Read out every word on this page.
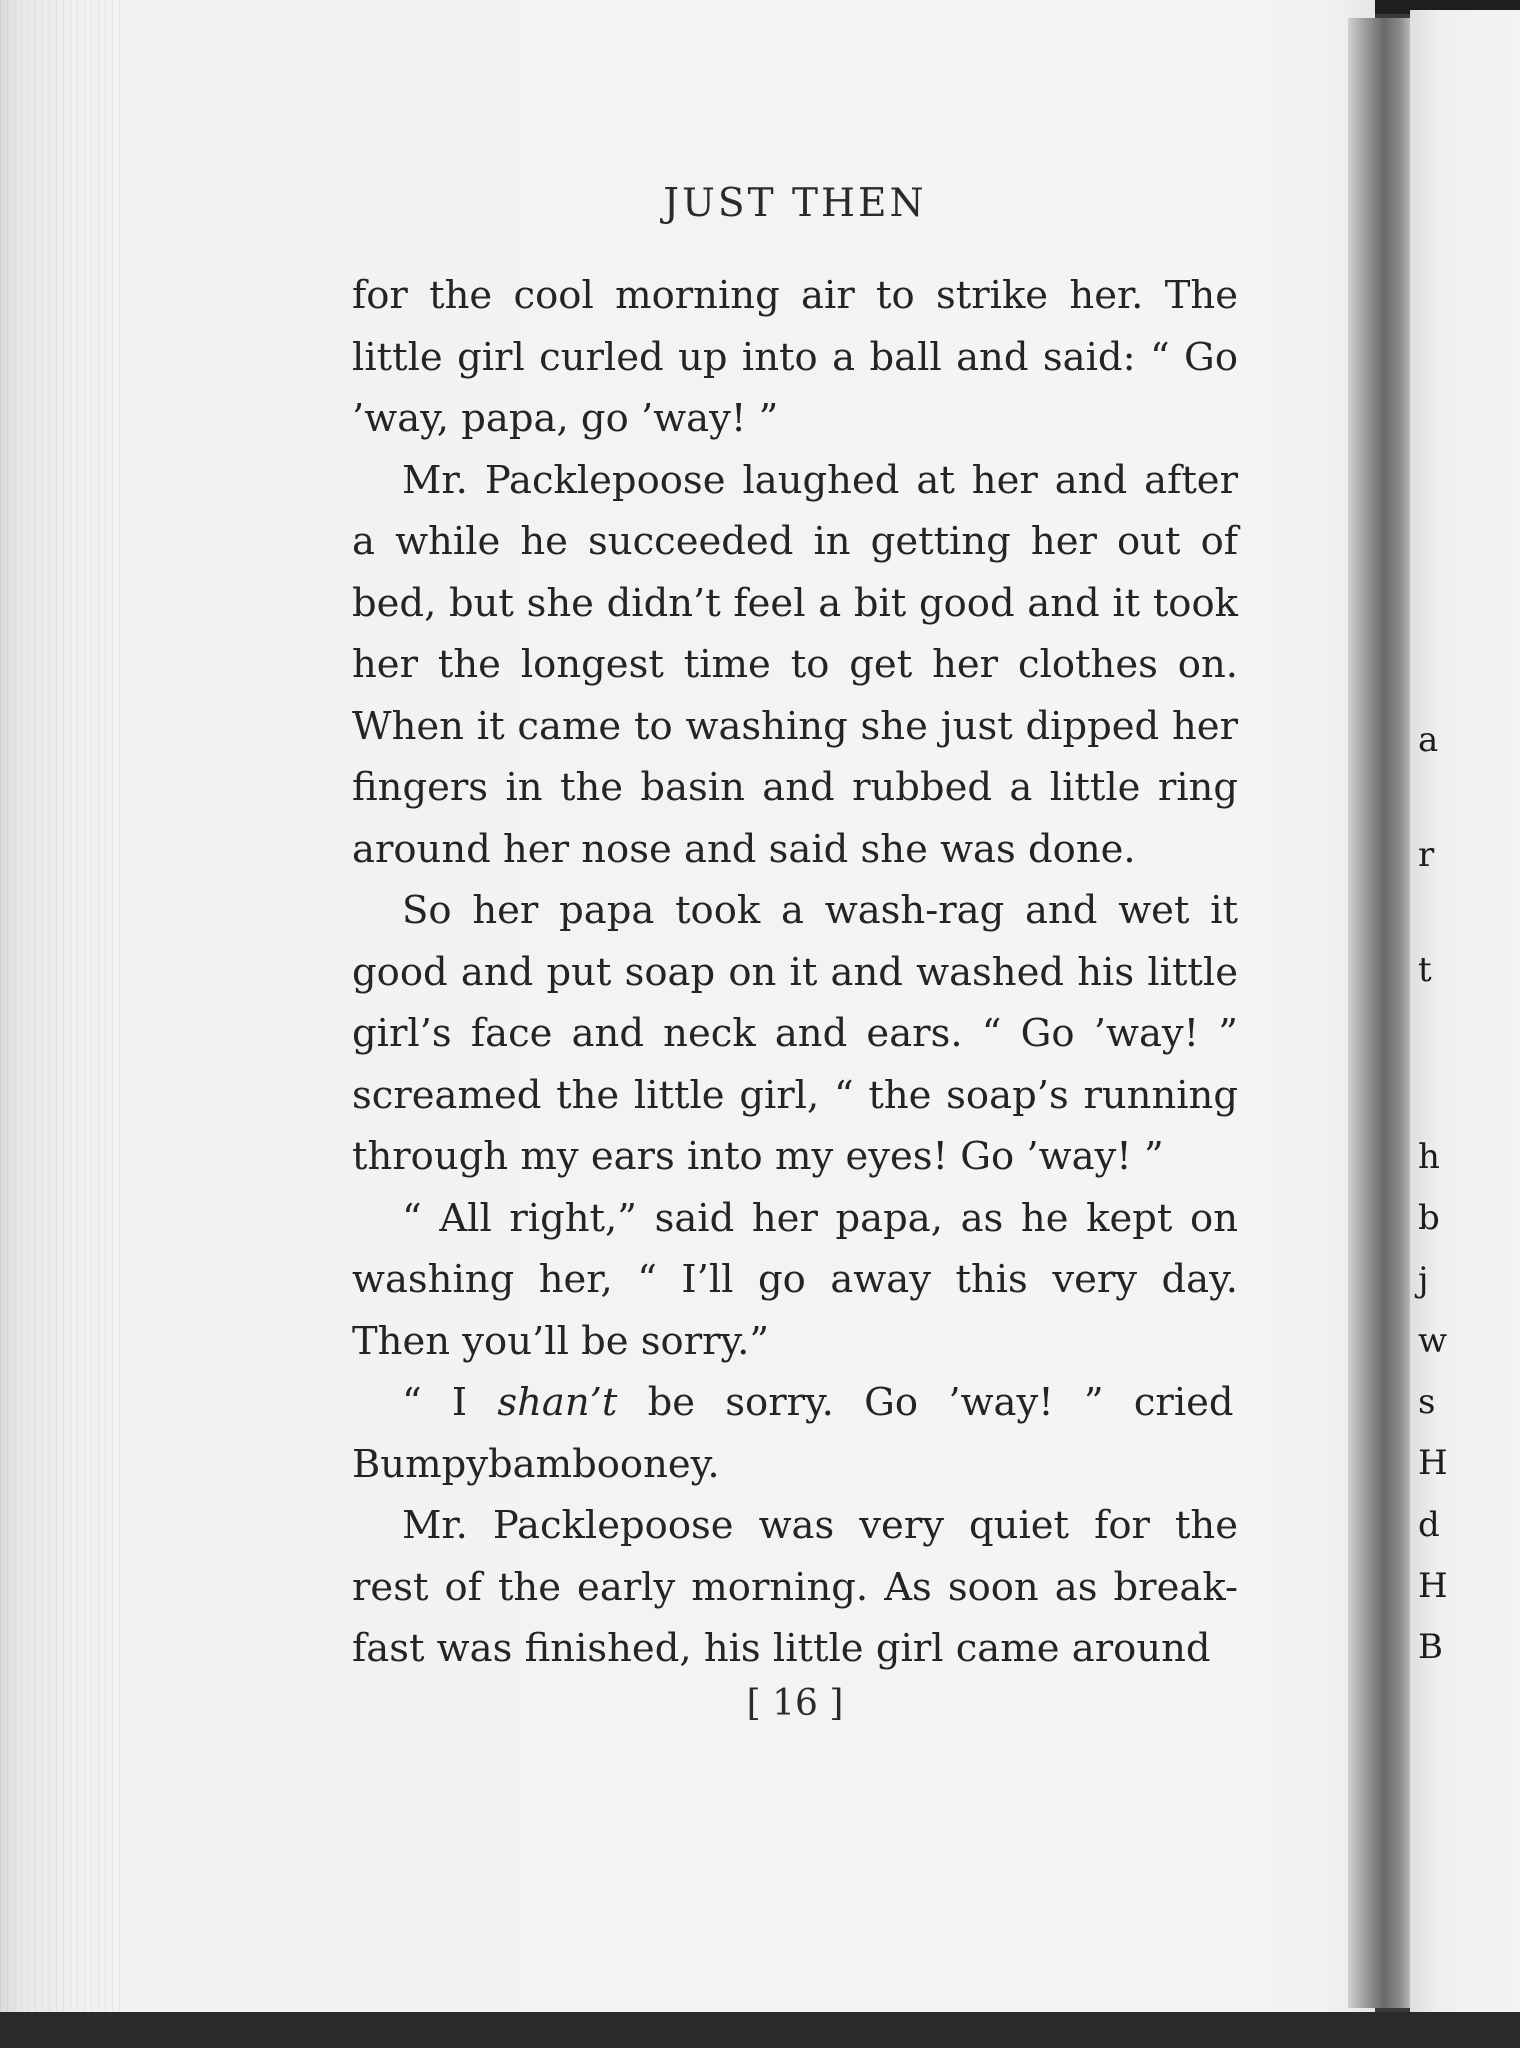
JUST THEN

for the cool morning air to strike her. The little girl curled up into a ball and said: “ Go ’way, papa, go ’way! ”

Mr. Packlepoose laughed at her and after a while he succeeded in getting her out of bed, but she didn’t feel a bit good and it took her the longest time to get her clothes on. When it came to washing she just dipped her fingers in the basin and rubbed a little ring around her nose and said she was done.

So her papa took a wash-rag and wet it good and put soap on it and washed his little girl’s face and neck and ears. “ Go ’way! ” screamed the little girl, “ the soap’s running through my ears into my eyes! Go ’way! ”

“ All right,” said her papa, as he kept on washing her, “ I’ll go away this very day. Then you’ll be sorry.”

“ I shan’t be sorry. Go ’way! ” cried Bumpybambooney.

Mr. Packlepoose was very quiet for the rest of the early morning. As soon as break-fast was finished, his little girl came around

[ 16 ]
a
r
t
h
b
j
w
s
H
d
H
B
